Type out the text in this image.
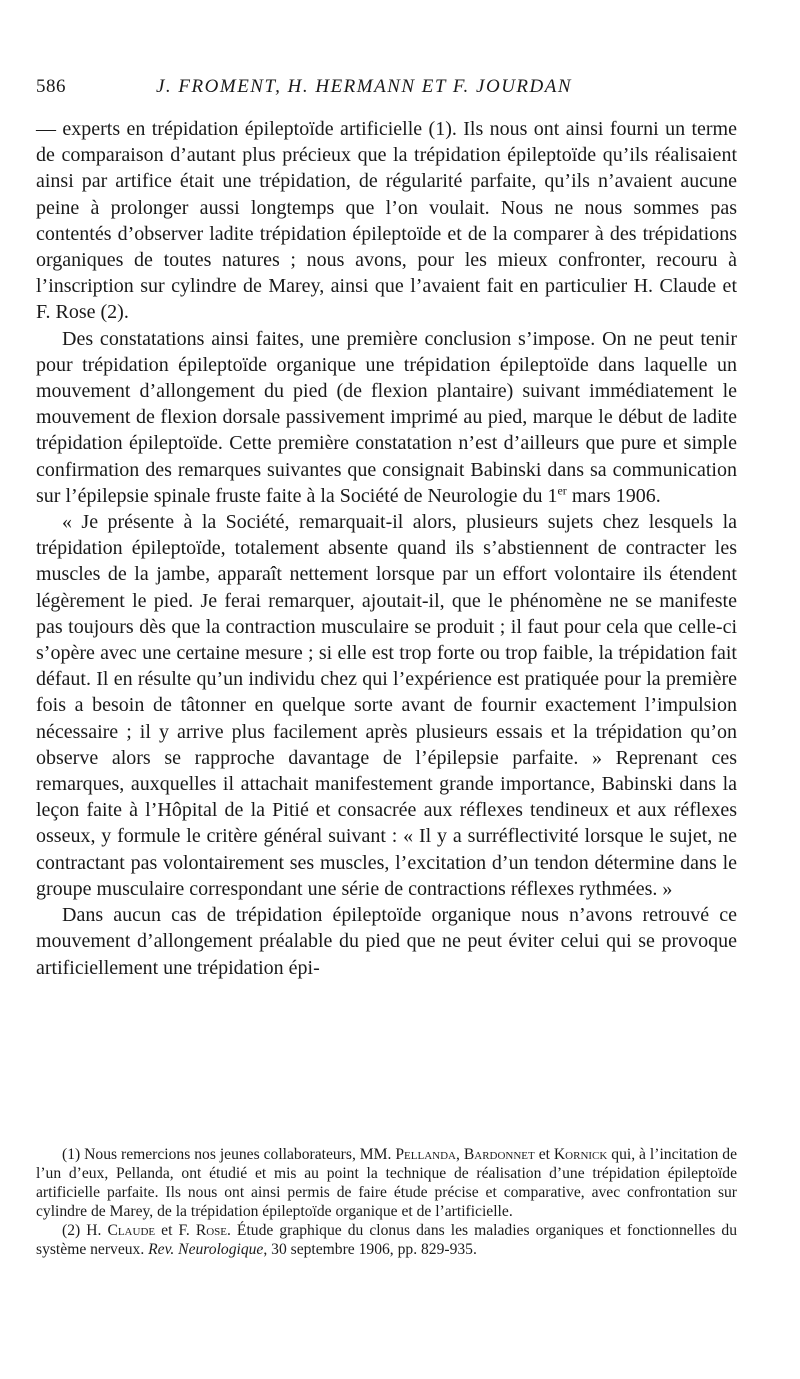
586	J. FROMENT, H. HERMANN ET F. JOURDAN

— experts en trépidation épileptoïde artificielle (1). Ils nous ont ainsi fourni un terme de comparaison d’autant plus précieux que la trépidation épileptoïde qu’ils réalisaient ainsi par artifice était une trépidation, de régularité parfaite, qu’ils n’avaient aucune peine à prolonger aussi longtemps que l’on voulait. Nous ne nous sommes pas contentés d’observer ladite trépidation épileptoïde et de la comparer à des trépidations organiques de toutes natures ; nous avons, pour les mieux confronter, recouru à l’inscription sur cylindre de Marey, ainsi que l’avaient fait en particulier H. Claude et F. Rose (2).

Des constatations ainsi faites, une première conclusion s’impose. On ne peut tenir pour trépidation épileptoïde organique une trépidation épileptoïde dans laquelle un mouvement d’allongement du pied (de flexion plantaire) suivant immédiatement le mouvement de flexion dorsale passivement imprimé au pied, marque le début de ladite trépidation épileptoïde. Cette première constatation n’est d’ailleurs que pure et simple confirmation des remarques suivantes que consignait Babinski dans sa communication sur l’épilepsie spinale fruste faite à la Société de Neurologie du 1er mars 1906.

« Je présente à la Société, remarquait-il alors, plusieurs sujets chez lesquels la trépidation épileptoïde, totalement absente quand ils s’abstiennent de contracter les muscles de la jambe, apparaît nettement lorsque par un effort volontaire ils étendent légèrement le pied. Je ferai remarquer, ajoutait-il, que le phénomène ne se manifeste pas toujours dès que la contraction musculaire se produit ; il faut pour cela que celle-ci s’opère avec une certaine mesure ; si elle est trop forte ou trop faible, la trépidation fait défaut. Il en résulte qu’un individu chez qui l’expérience est pratiquée pour la première fois a besoin de tâtonner en quelque sorte avant de fournir exactement l’impulsion nécessaire ; il y arrive plus facilement après plusieurs essais et la trépidation qu’on observe alors se rapproche davantage de l’épilepsie parfaite. » Reprenant ces remarques, auxquelles il attachait manifestement grande importance, Babinski dans la leçon faite à l’Hôpital de la Pitié et consacrée aux réflexes tendineux et aux réflexes osseux, y formule le critère général suivant : « Il y a surréflectivité lorsque le sujet, ne contractant pas volontairement ses muscles, l’excitation d’un tendon détermine dans le groupe musculaire correspondant une série de contractions réflexes rythmées. »

Dans aucun cas de trépidation épileptoïde organique nous n’avons retrouvé ce mouvement d’allongement préalable du pied que ne peut éviter celui qui se provoque artificiellement une trépidation épi-

(1) Nous remercions nos jeunes collaborateurs, MM. Pellanda, Bardonnet et Kornick qui, à l’incitation de l’un d’eux, Pellanda, ont étudié et mis au point la technique de réalisation d’une trépidation épileptoïde artificielle parfaite. Ils nous ont ainsi permis de faire étude précise et comparative, avec confrontation sur cylindre de Marey, de la trépidation épileptoïde organique et de l’artificielle.

(2) H. Claude et F. Rose. Étude graphique du clonus dans les maladies organiques et fonctionnelles du système nerveux. Rev. Neurologique, 30 septembre 1906, pp. 829-935.
